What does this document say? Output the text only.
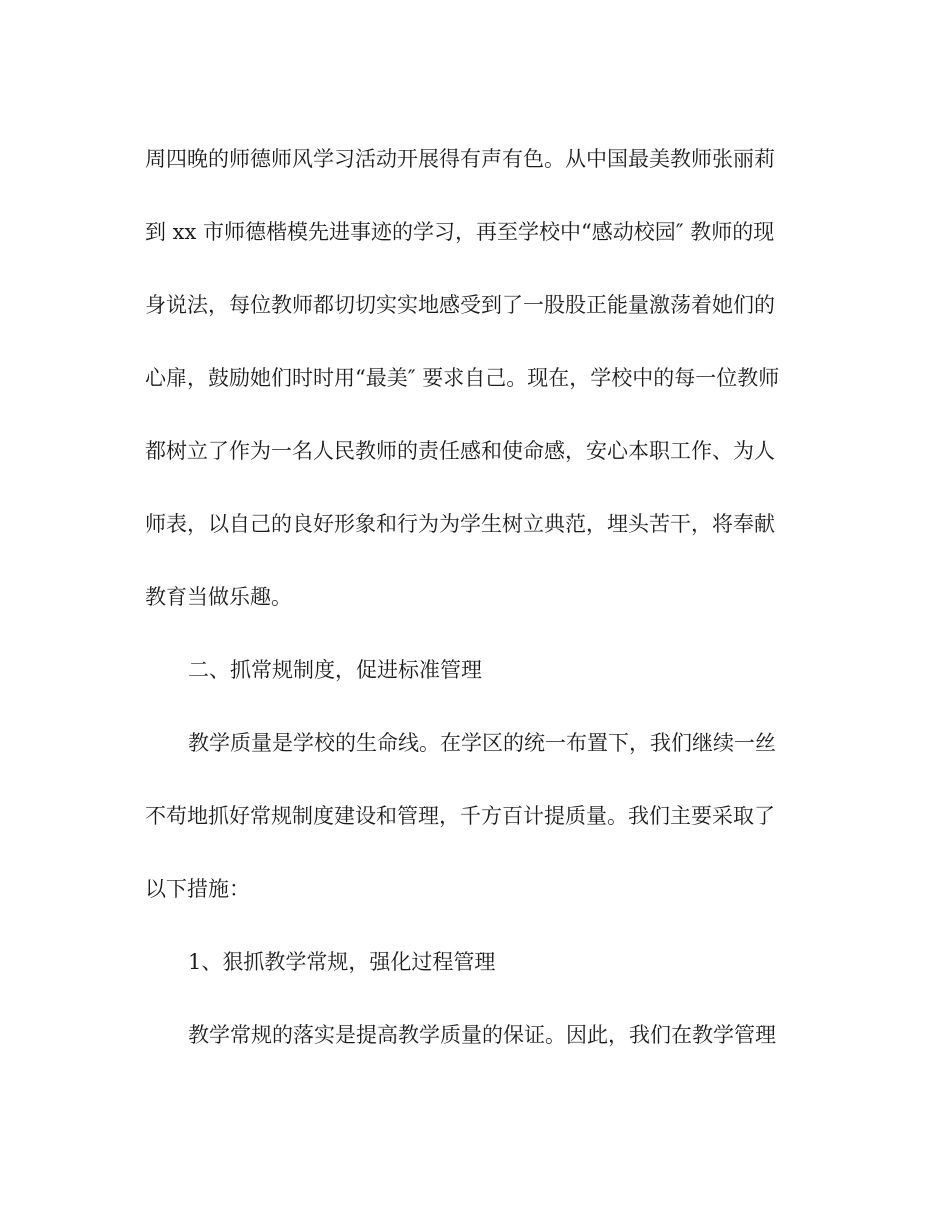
周四晚的师德师风学习活动开展得有声有色。从中国最美教师张丽莉
到 xx 市师德楷模先进事迹的学习，再至学校中“感动校园″ 教师的现
身说法，每位教师都切切实实地感受到了一股股正能量激荡着她们的
心扉，鼓励她们时时用“最美″ 要求自己。现在，学校中的每一位教师
都树立了作为一名人民教师的责任感和使命感，安心本职工作、为人
师表，以自己的良好形象和行为为学生树立典范，埋头苦干，将奉献
教育当做乐趣。
二、抓常规制度，促进标准管理
教学质量是学校的生命线。在学区的统一布置下，我们继续一丝
不苟地抓好常规制度建设和管理，千方百计提质量。我们主要采取了
以下措施：
1、狠抓教学常规，强化过程管理
教学常规的落实是提高教学质量的保证。因此，我们在教学管理
